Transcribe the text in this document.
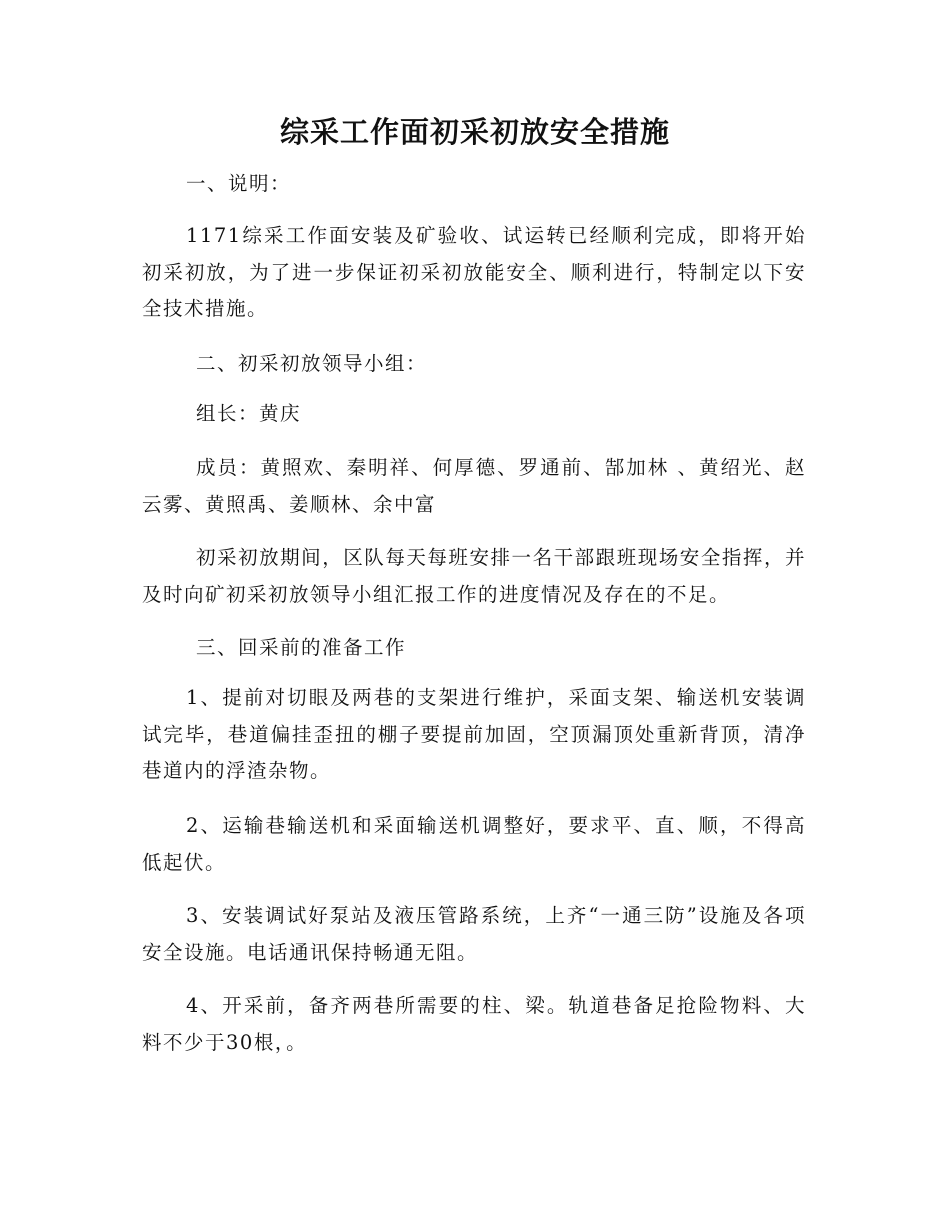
综采工作面初采初放安全措施

一、说明：

1171综采工作面安装及矿验收、试运转已经顺利完成，即将开始初采初放，为了进一步保证初采初放能安全、顺利进行，特制定以下安全技术措施。

二、初采初放领导小组：

组长：黄庆

成员：黄照欢、秦明祥、何厚德、罗通前、郜加林 、黄绍光、赵云雾、黄照禹、姜顺林、余中富

初采初放期间，区队每天每班安排一名干部跟班现场安全指挥，并及时向矿初采初放领导小组汇报工作的进度情况及存在的不足。

三、回采前的准备工作

1、提前对切眼及两巷的支架进行维护，采面支架、输送机安装调试完毕，巷道偏挂歪扭的棚子要提前加固，空顶漏顶处重新背顶，清净巷道内的浮渣杂物。

2、运输巷输送机和采面输送机调整好，要求平、直、顺，不得高低起伏。

3、安装调试好泵站及液压管路系统，上齐“一通三防”设施及各项安全设施。电话通讯保持畅通无阻。

4、开采前，备齐两巷所需要的柱、梁。轨道巷备足抢险物料、大料不少于30根，。
